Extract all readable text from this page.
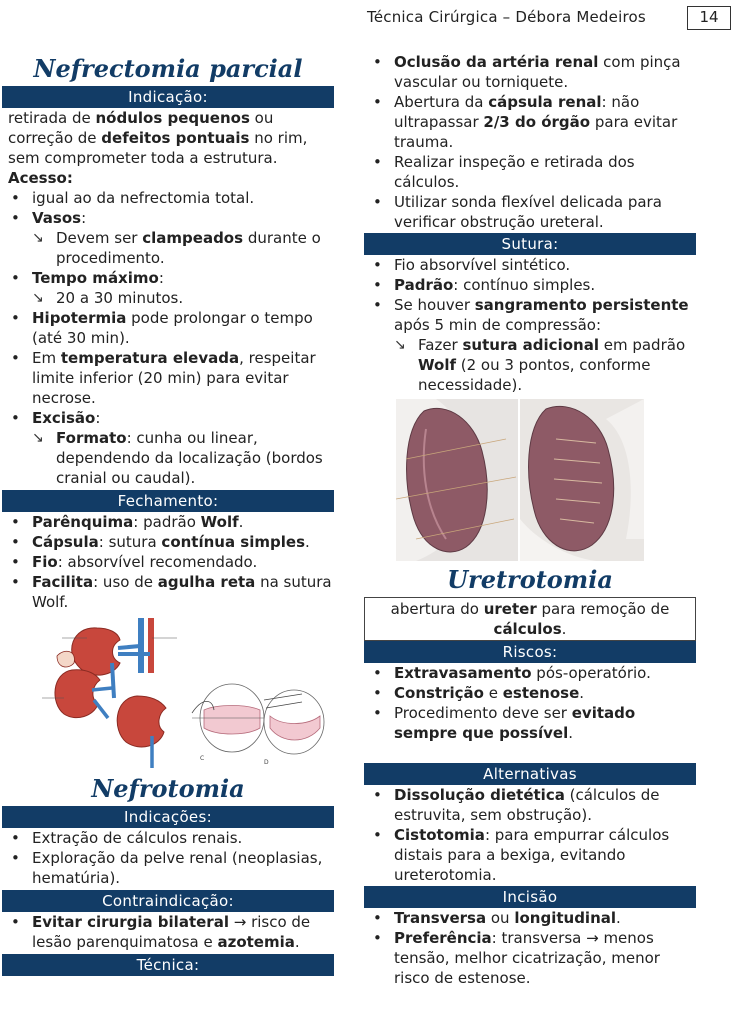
Técnica Cirúrgica – Débora Medeiros	14
Nefrectomia parcial
Indicação:
retirada de nódulos pequenos ou correção de defeitos pontuais no rim, sem comprometer toda a estrutura.
Acesso:
• igual ao da nefrectomia total.
• Vasos:
↘ Devem ser clampeados durante o procedimento.
• Tempo máximo:
↘ 20 a 30 minutos.
• Hipotermia pode prolongar o tempo (até 30 min).
• Em temperatura elevada, respeitar limite inferior (20 min) para evitar necrose.
• Excisão:
↘ Formato: cunha ou linear, dependendo da localização (bordos cranial ou caudal).
Fechamento:
• Parênquima: padrão Wolf.
• Cápsula: sutura contínua simples.
• Fio: absorvível recomendado.
• Facilita: uso de agulha reta na sutura Wolf.
C
D
Nefrotomia
Indicações:
• Extração de cálculos renais.
• Exploração da pelve renal (neoplasias, hematúria).
Contraindicação:
• Evitar cirurgia bilateral → risco de lesão parenquimatosa e azotemia.
Técnica:
• Oclusão da artéria renal com pinça vascular ou torniquete.
• Abertura da cápsula renal: não ultrapassar 2/3 do órgão para evitar trauma.
• Realizar inspeção e retirada dos cálculos.
• Utilizar sonda flexível delicada para verificar obstrução ureteral.
Sutura:
• Fio absorvível sintético.
• Padrão: contínuo simples.
• Se houver sangramento persistente após 5 min de compressão:
↘ Fazer sutura adicional em padrão Wolf (2 ou 3 pontos, conforme necessidade).
Uretrotomia
abertura do ureter para remoção de cálculos.
Riscos:
• Extravasamento pós-operatório.
• Constrição e estenose.
• Procedimento deve ser evitado sempre que possível.
Alternativas
• Dissolução dietética (cálculos de estruvita, sem obstrução).
• Cistotomia: para empurrar cálculos distais para a bexiga, evitando ureterotomia.
Incisão
• Transversa ou longitudinal.
• Preferência: transversa → menos tensão, melhor cicatrização, menor risco de estenose.
